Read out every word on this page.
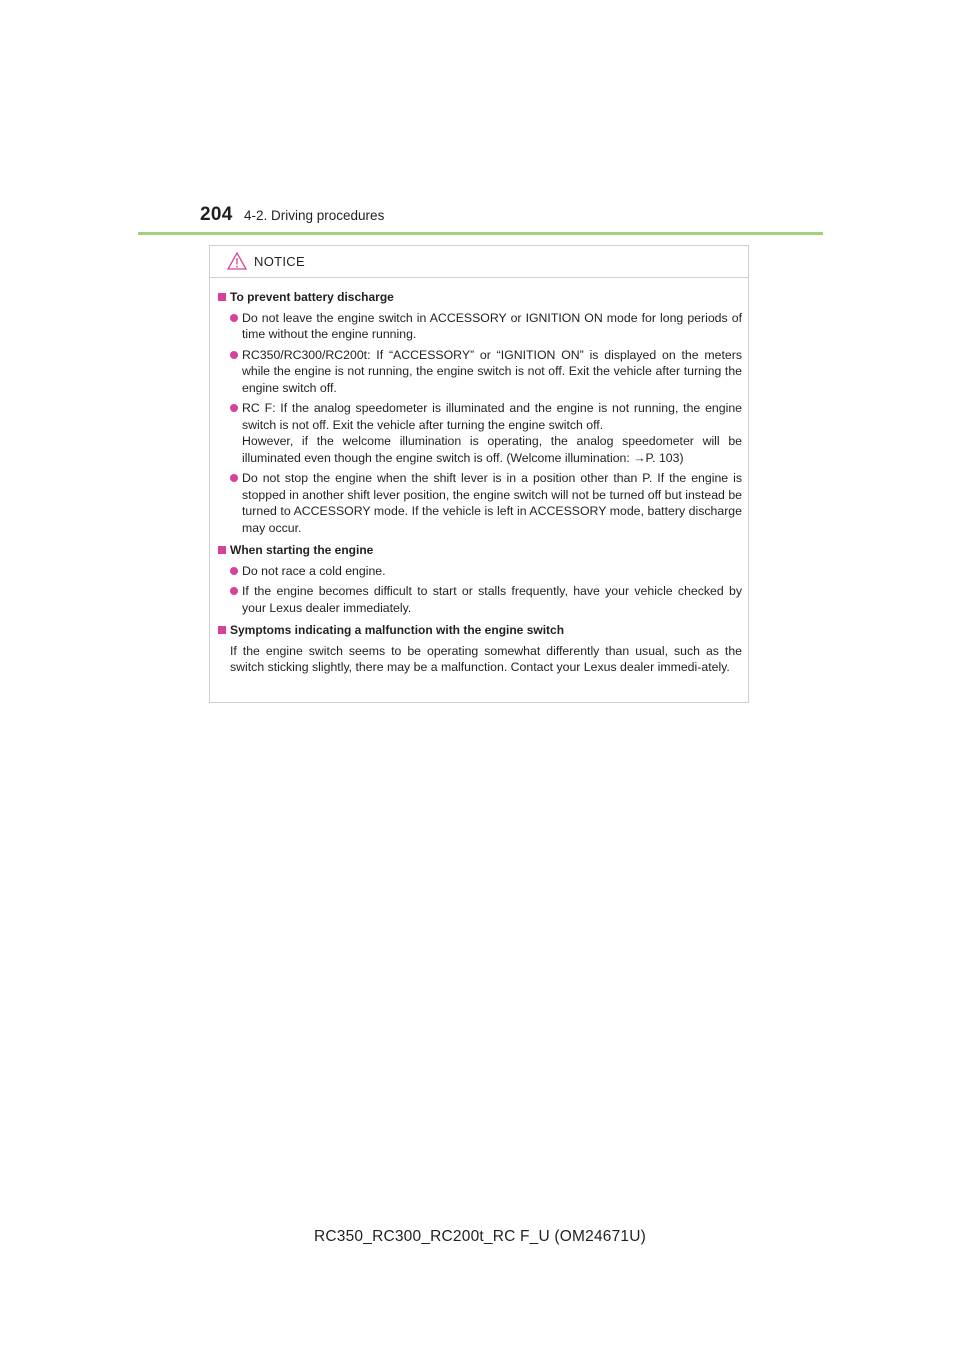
204 4-2. Driving procedures
NOTICE
To prevent battery discharge
Do not leave the engine switch in ACCESSORY or IGNITION ON mode for long periods of time without the engine running.
RC350/RC300/RC200t: If “ACCESSORY” or “IGNITION ON” is displayed on the meters while the engine is not running, the engine switch is not off. Exit the vehicle after turning the engine switch off.
RC F: If the analog speedometer is illuminated and the engine is not running, the engine switch is not off. Exit the vehicle after turning the engine switch off.
However, if the welcome illumination is operating, the analog speedometer will be illuminated even though the engine switch is off. (Welcome illumination: →P. 103)
Do not stop the engine when the shift lever is in a position other than P. If the engine is stopped in another shift lever position, the engine switch will not be turned off but instead be turned to ACCESSORY mode. If the vehicle is left in ACCESSORY mode, battery discharge may occur.
When starting the engine
Do not race a cold engine.
If the engine becomes difficult to start or stalls frequently, have your vehicle checked by your Lexus dealer immediately.
Symptoms indicating a malfunction with the engine switch
If the engine switch seems to be operating somewhat differently than usual, such as the switch sticking slightly, there may be a malfunction. Contact your Lexus dealer immedi-ately.
RC350_RC300_RC200t_RC F_U (OM24671U)
